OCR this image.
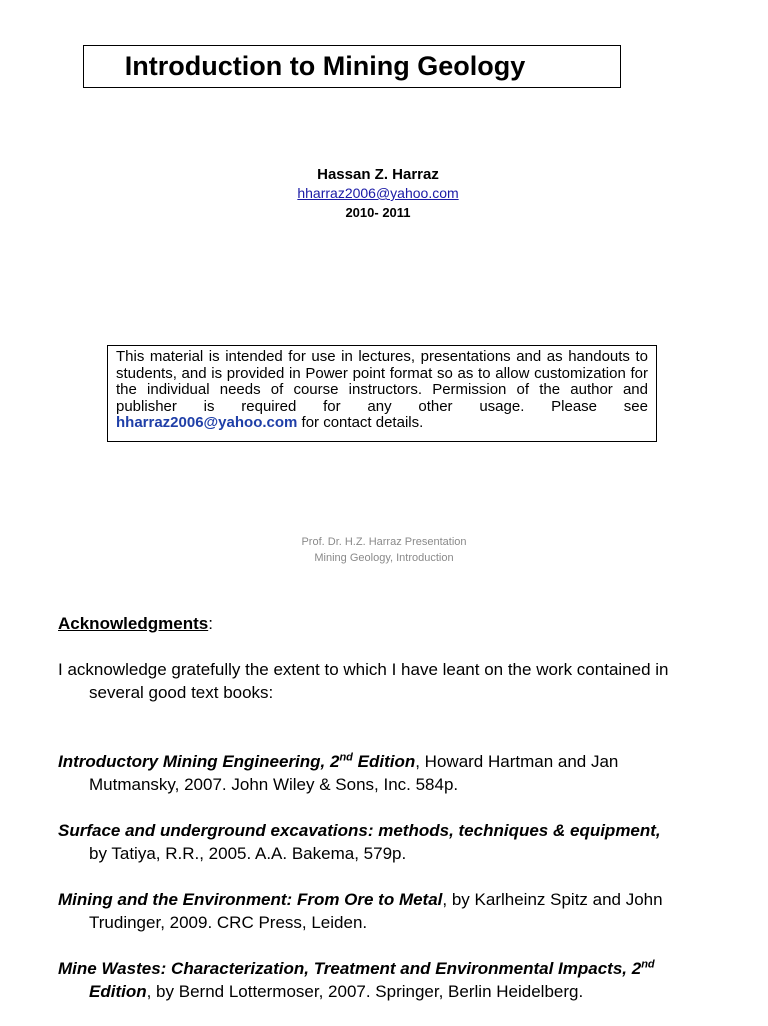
Introduction to Mining Geology
Hassan Z. Harraz
hharraz2006@yahoo.com
2010- 2011
This material is intended for use in lectures, presentations and as handouts to students, and is provided in Power point format so as to allow customization for the individual needs of course instructors. Permission of the author and publisher is required for any other usage. Please see hharraz2006@yahoo.com for contact details.
Prof. Dr. H.Z. Harraz Presentation
Mining Geology, Introduction

Acknowledgments:

I acknowledge gratefully the extent to which I have leant on the work contained in several good text books:

Introductory Mining Engineering, 2nd Edition, Howard Hartman and Jan Mutmansky, 2007. John Wiley & Sons, Inc. 584p.

Surface and underground excavations: methods, techniques & equipment, by Tatiya, R.R., 2005. A.A. Bakema, 579p.

Mining and the Environment: From Ore to Metal, by Karlheinz Spitz and John Trudinger, 2009. CRC Press, Leiden.

Mine Wastes: Characterization, Treatment and Environmental Impacts, 2nd Edition, by Bernd Lottermoser, 2007. Springer, Berlin Heidelberg.
